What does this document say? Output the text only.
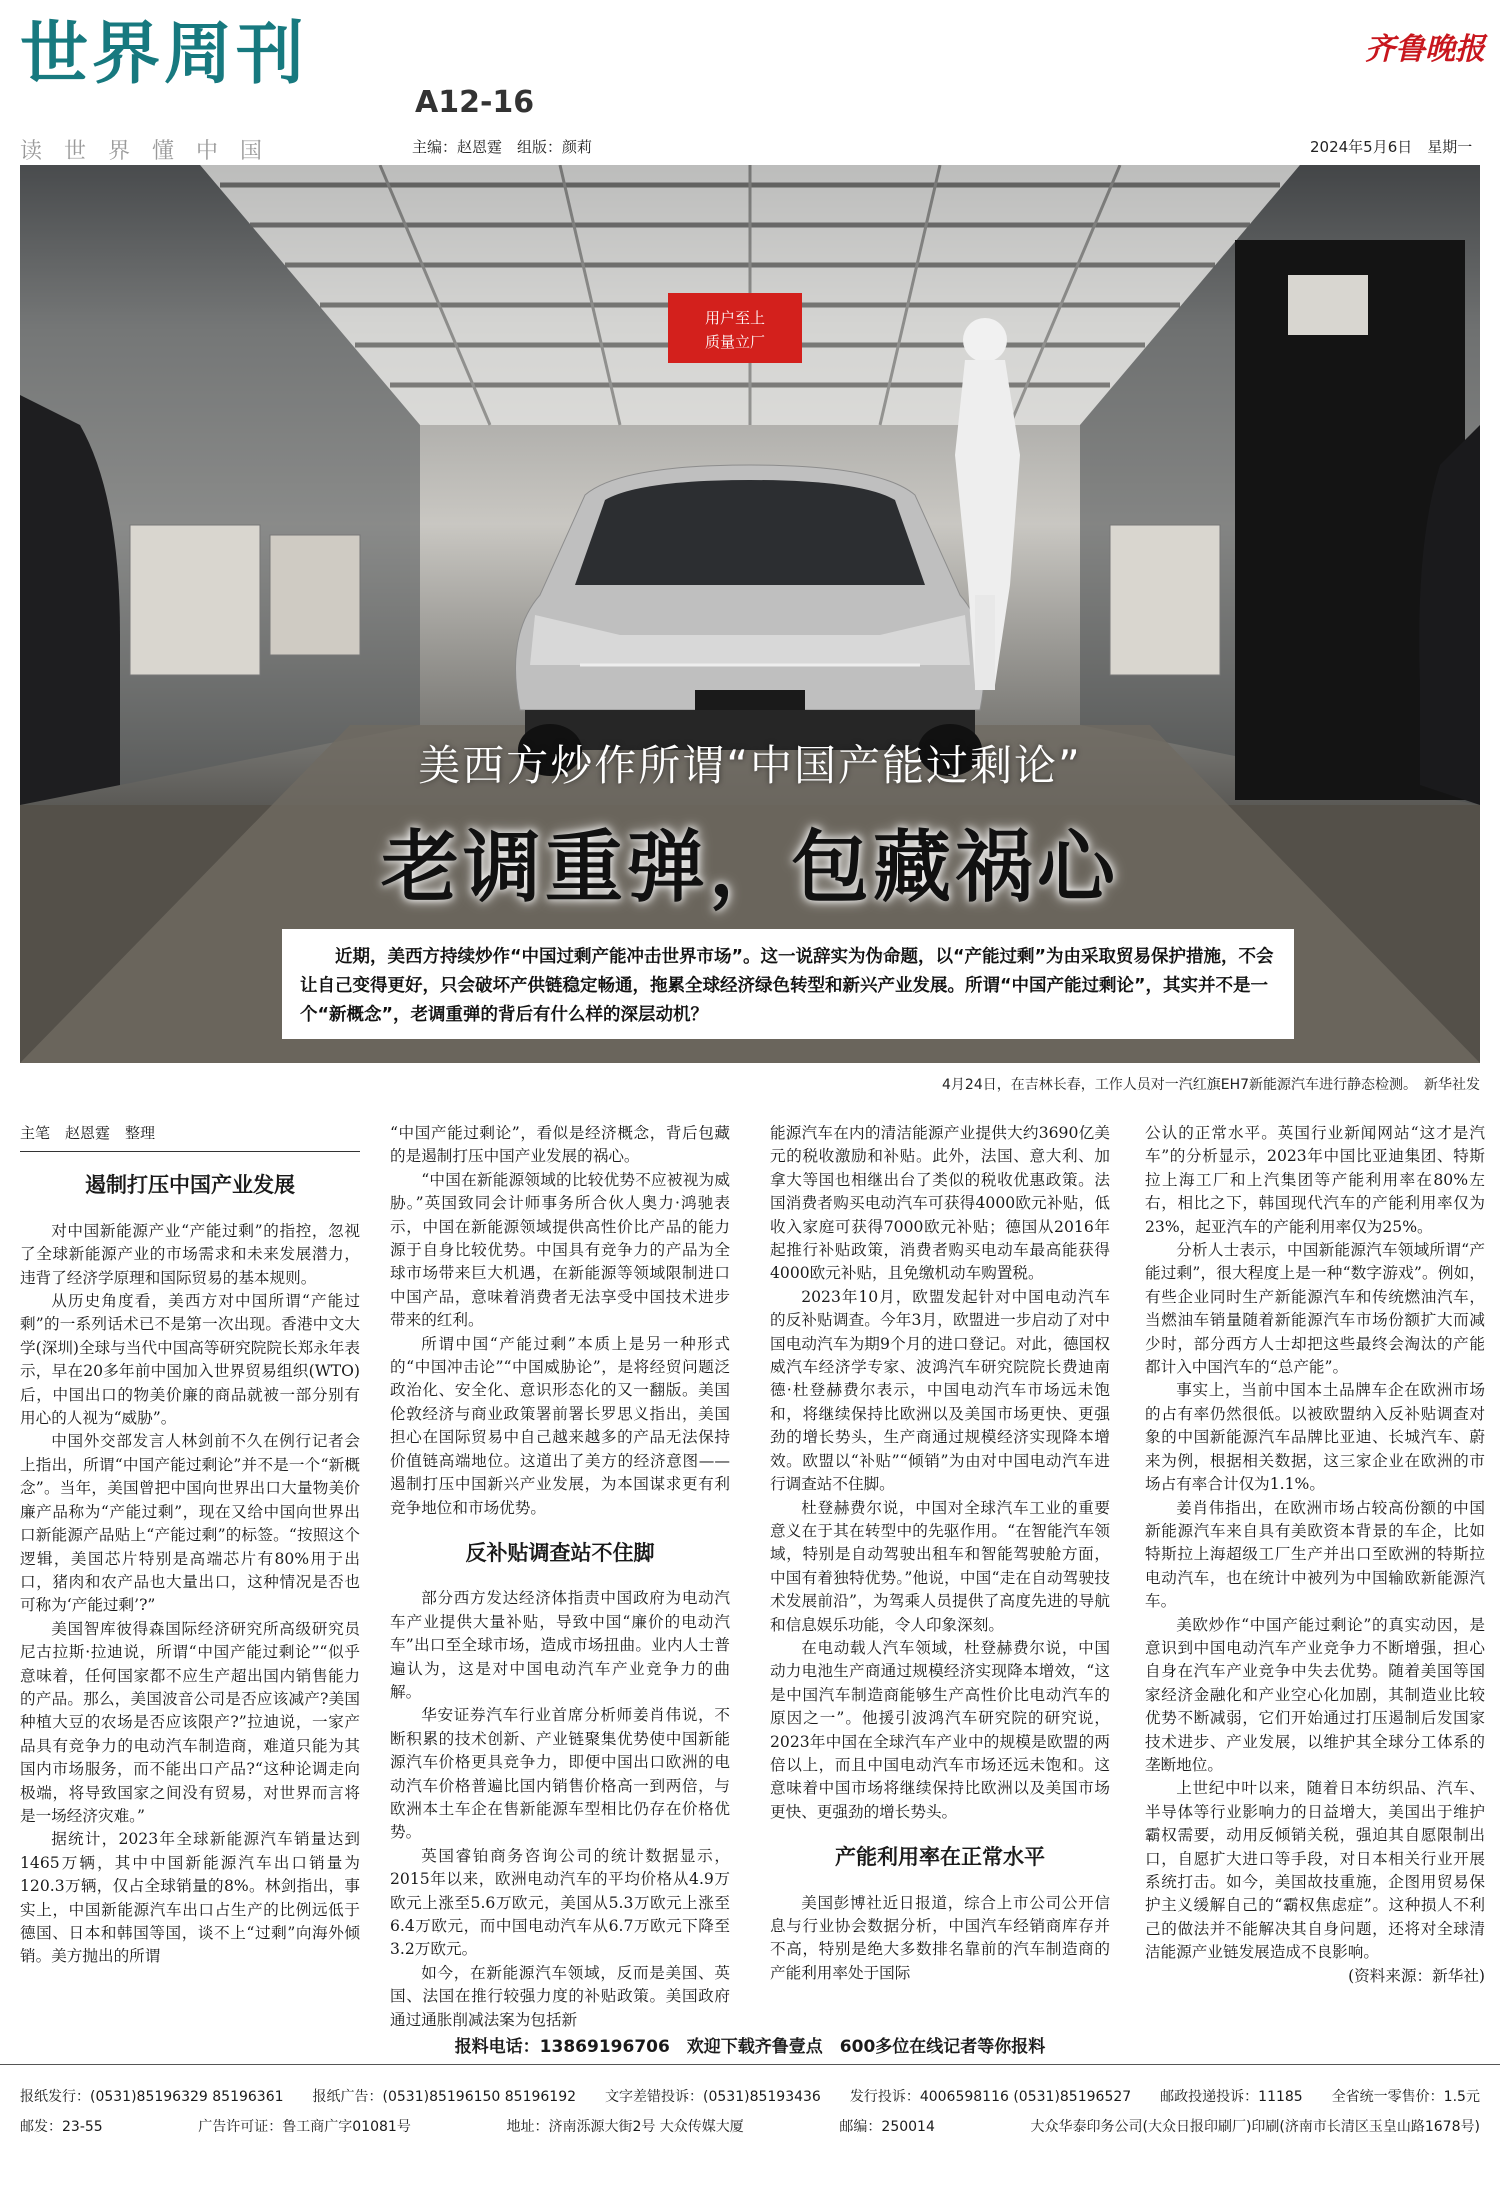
世界周刊
A12-16
读世界懂中国	主编：赵恩霆　组版：颜莉
齐鲁晚报
2024年5月6日　星期一
用户至上
质量立厂
美西方炒作所谓“中国产能过剩论”
老调重弹，包藏祸心
近期，美西方持续炒作“中国过剩产能冲击世界市场”。这一说辞实为伪命题，以“产能过剩”为由采取贸易保护措施，不会让自己变得更好，只会破坏产供链稳定畅通，拖累全球经济绿色转型和新兴产业发展。所谓“中国产能过剩论”，其实并不是一个“新概念”，老调重弹的背后有什么样的深层动机？
4月24日，在吉林长春，工作人员对一汽红旗EH7新能源汽车进行静态检测。　新华社发
主笔　赵恩霆　整理
遏制打压中国产业发展

对中国新能源产业“产能过剩”的指控，忽视了全球新能源产业的市场需求和未来发展潜力，违背了经济学原理和国际贸易的基本规则。

从历史角度看，美西方对中国所谓“产能过剩”的一系列话术已不是第一次出现。香港中文大学(深圳)全球与当代中国高等研究院院长郑永年表示，早在20多年前中国加入世界贸易组织(WTO)后，中国出口的物美价廉的商品就被一部分别有用心的人视为“威胁”。

中国外交部发言人林剑前不久在例行记者会上指出，所谓“中国产能过剩论”并不是一个“新概念”。当年，美国曾把中国向世界出口大量物美价廉产品称为“产能过剩”，现在又给中国向世界出口新能源产品贴上“产能过剩”的标签。“按照这个逻辑，美国芯片特别是高端芯片有80%用于出口，猪肉和农产品也大量出口，这种情况是否也可称为‘产能过剩’?”

美国智库彼得森国际经济研究所高级研究员尼古拉斯·拉迪说，所谓“中国产能过剩论”“似乎意味着，任何国家都不应生产超出国内销售能力的产品。那么，美国波音公司是否应该减产?美国种植大豆的农场是否应该限产?”拉迪说，一家产品具有竞争力的电动汽车制造商，难道只能为其国内市场服务，而不能出口产品?“这种论调走向极端，将导致国家之间没有贸易，对世界而言将是一场经济灾难。”

据统计，2023年全球新能源汽车销量达到1465万辆，其中中国新能源汽车出口销量为120.3万辆，仅占全球销量的8%。林剑指出，事实上，中国新能源汽车出口占生产的比例远低于德国、日本和韩国等国，谈不上“过剩”向海外倾销。美方抛出的所谓

“中国产能过剩论”，看似是经济概念，背后包藏的是遏制打压中国产业发展的祸心。

“中国在新能源领域的比较优势不应被视为威胁。”英国致同会计师事务所合伙人奥力·鸿驰表示，中国在新能源领域提供高性价比产品的能力源于自身比较优势。中国具有竞争力的产品为全球市场带来巨大机遇，在新能源等领域限制进口中国产品，意味着消费者无法享受中国技术进步带来的红利。

所谓中国“产能过剩”本质上是另一种形式的“中国冲击论”“中国威胁论”，是将经贸问题泛政治化、安全化、意识形态化的又一翻版。美国伦敦经济与商业政策署前署长罗思义指出，美国担心在国际贸易中自己越来越多的产品无法保持价值链高端地位。这道出了美方的经济意图——遏制打压中国新兴产业发展，为本国谋求更有利竞争地位和市场优势。

反补贴调查站不住脚

部分西方发达经济体指责中国政府为电动汽车产业提供大量补贴，导致中国“廉价的电动汽车”出口至全球市场，造成市场扭曲。业内人士普遍认为，这是对中国电动汽车产业竞争力的曲解。

华安证券汽车行业首席分析师姜肖伟说，不断积累的技术创新、产业链聚集优势使中国新能源汽车价格更具竞争力，即便中国出口欧洲的电动汽车价格普遍比国内销售价格高一到两倍，与欧洲本土车企在售新能源车型相比仍存在价格优势。

英国睿铂商务咨询公司的统计数据显示，2015年以来，欧洲电动汽车的平均价格从4.9万欧元上涨至5.6万欧元，美国从5.3万欧元上涨至6.4万欧元，而中国电动汽车从6.7万欧元下降至3.2万欧元。

如今，在新能源汽车领域，反而是美国、英国、法国在推行较强力度的补贴政策。美国政府通过通胀削减法案为包括新

能源汽车在内的清洁能源产业提供大约3690亿美元的税收激励和补贴。此外，法国、意大利、加拿大等国也相继出台了类似的税收优惠政策。法国消费者购买电动汽车可获得4000欧元补贴，低收入家庭可获得7000欧元补贴；德国从2016年起推行补贴政策，消费者购买电动车最高能获得4000欧元补贴，且免缴机动车购置税。

2023年10月，欧盟发起针对中国电动汽车的反补贴调查。今年3月，欧盟进一步启动了对中国电动汽车为期9个月的进口登记。对此，德国权威汽车经济学专家、波鸿汽车研究院院长费迪南德·杜登赫费尔表示，中国电动汽车市场远未饱和，将继续保持比欧洲以及美国市场更快、更强劲的增长势头，生产商通过规模经济实现降本增效。欧盟以“补贴”“倾销”为由对中国电动汽车进行调查站不住脚。

杜登赫费尔说，中国对全球汽车工业的重要意义在于其在转型中的先驱作用。“在智能汽车领域，特别是自动驾驶出租车和智能驾驶舱方面，中国有着独特优势。”他说，中国“走在自动驾驶技术发展前沿”，为驾乘人员提供了高度先进的导航和信息娱乐功能，令人印象深刻。

在电动载人汽车领域，杜登赫费尔说，中国动力电池生产商通过规模经济实现降本增效，“这是中国汽车制造商能够生产高性价比电动汽车的原因之一”。他援引波鸿汽车研究院的研究说，2023年中国在全球汽车产业中的规模是欧盟的两倍以上，而且中国电动汽车市场还远未饱和。这意味着中国市场将继续保持比欧洲以及美国市场更快、更强劲的增长势头。

产能利用率在正常水平

美国彭博社近日报道，综合上市公司公开信息与行业协会数据分析，中国汽车经销商库存并不高，特别是绝大多数排名靠前的汽车制造商的产能利用率处于国际

公认的正常水平。英国行业新闻网站“这才是汽车”的分析显示，2023年中国比亚迪集团、特斯拉上海工厂和上汽集团等产能利用率在80%左右，相比之下，韩国现代汽车的产能利用率仅为23%，起亚汽车的产能利用率仅为25%。

分析人士表示，中国新能源汽车领域所谓“产能过剩”，很大程度上是一种“数字游戏”。例如，有些企业同时生产新能源汽车和传统燃油汽车，当燃油车销量随着新能源汽车市场份额扩大而减少时，部分西方人士却把这些最终会淘汰的产能都计入中国汽车的“总产能”。

事实上，当前中国本土品牌车企在欧洲市场的占有率仍然很低。以被欧盟纳入反补贴调查对象的中国新能源汽车品牌比亚迪、长城汽车、蔚来为例，根据相关数据，这三家企业在欧洲的市场占有率合计仅为1.1%。

姜肖伟指出，在欧洲市场占较高份额的中国新能源汽车来自具有美欧资本背景的车企，比如特斯拉上海超级工厂生产并出口至欧洲的特斯拉电动汽车，也在统计中被列为中国输欧新能源汽车。

美欧炒作“中国产能过剩论”的真实动因，是意识到中国电动汽车产业竞争力不断增强，担心自身在汽车产业竞争中失去优势。随着美国等国家经济金融化和产业空心化加剧，其制造业比较优势不断减弱，它们开始通过打压遏制后发国家技术进步、产业发展，以维护其全球分工体系的垄断地位。

上世纪中叶以来，随着日本纺织品、汽车、半导体等行业影响力的日益增大，美国出于维护霸权需要，动用反倾销关税，强迫其自愿限制出口，自愿扩大进口等手段，对日本相关行业开展系统打击。如今，美国故技重施，企图用贸易保护主义缓解自己的“霸权焦虑症”。这种损人不利己的做法并不能解决其自身问题，还将对全球清洁能源产业链发展造成不良影响。

(资料来源：新华社)
报料电话：13869196706　欢迎下载齐鲁壹点　600多位在线记者等你报料
报纸发行：(0531)85196329 85196361 报纸广告：(0531)85196150 85196192 文字差错投诉：(0531)85193436 发行投诉：4006598116 (0531)85196527 邮政投递投诉：11185 全省统一零售价：1.5元
邮发：23-55	广告许可证：鲁工商广字01081号	地址：济南泺源大街2号 大众传媒大厦	邮编：250014	大众华泰印务公司(大众日报印刷厂)印刷(济南市长清区玉皇山路1678号)
